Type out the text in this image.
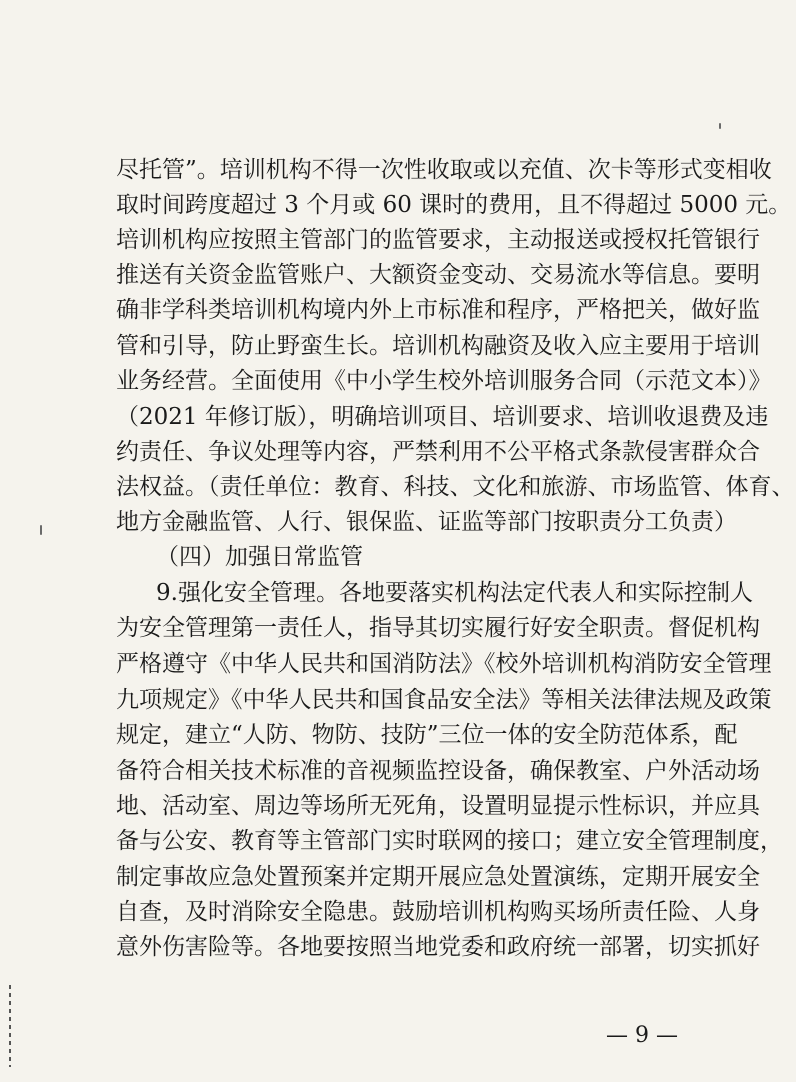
尽托管”。培训机构不得一次性收取或以充值、次卡等形式变相收
取时间跨度超过 3 个月或 60 课时的费用，且不得超过 5000 元。
培训机构应按照主管部门的监管要求，主动报送或授权托管银行
推送有关资金监管账户、大额资金变动、交易流水等信息。要明
确非学科类培训机构境内外上市标准和程序，严格把关，做好监
管和引导，防止野蛮生长。培训机构融资及收入应主要用于培训
业务经营。全面使用《中小学生校外培训服务合同（示范文本）》
（2021 年修订版），明确培训项目、培训要求、培训收退费及违
约责任、争议处理等内容，严禁利用不公平格式条款侵害群众合
法权益。（责任单位：教育、科技、文化和旅游、市场监管、体育、
地方金融监管、人行、银保监、证监等部门按职责分工负责）
（四）加强日常监管
9.强化安全管理。各地要落实机构法定代表人和实际控制人
为安全管理第一责任人，指导其切实履行好安全职责。督促机构
严格遵守《中华人民共和国消防法》《校外培训机构消防安全管理
九项规定》《中华人民共和国食品安全法》等相关法律法规及政策
规定，建立“人防、物防、技防”三位一体的安全防范体系，配
备符合相关技术标准的音视频监控设备，确保教室、户外活动场
地、活动室、周边等场所无死角，设置明显提示性标识，并应具
备与公安、教育等主管部门实时联网的接口；建立安全管理制度，
制定事故应急处置预案并定期开展应急处置演练，定期开展安全
自查，及时消除安全隐患。鼓励培训机构购买场所责任险、人身
意外伤害险等。各地要按照当地党委和政府统一部署，切实抓好
— 9 —
